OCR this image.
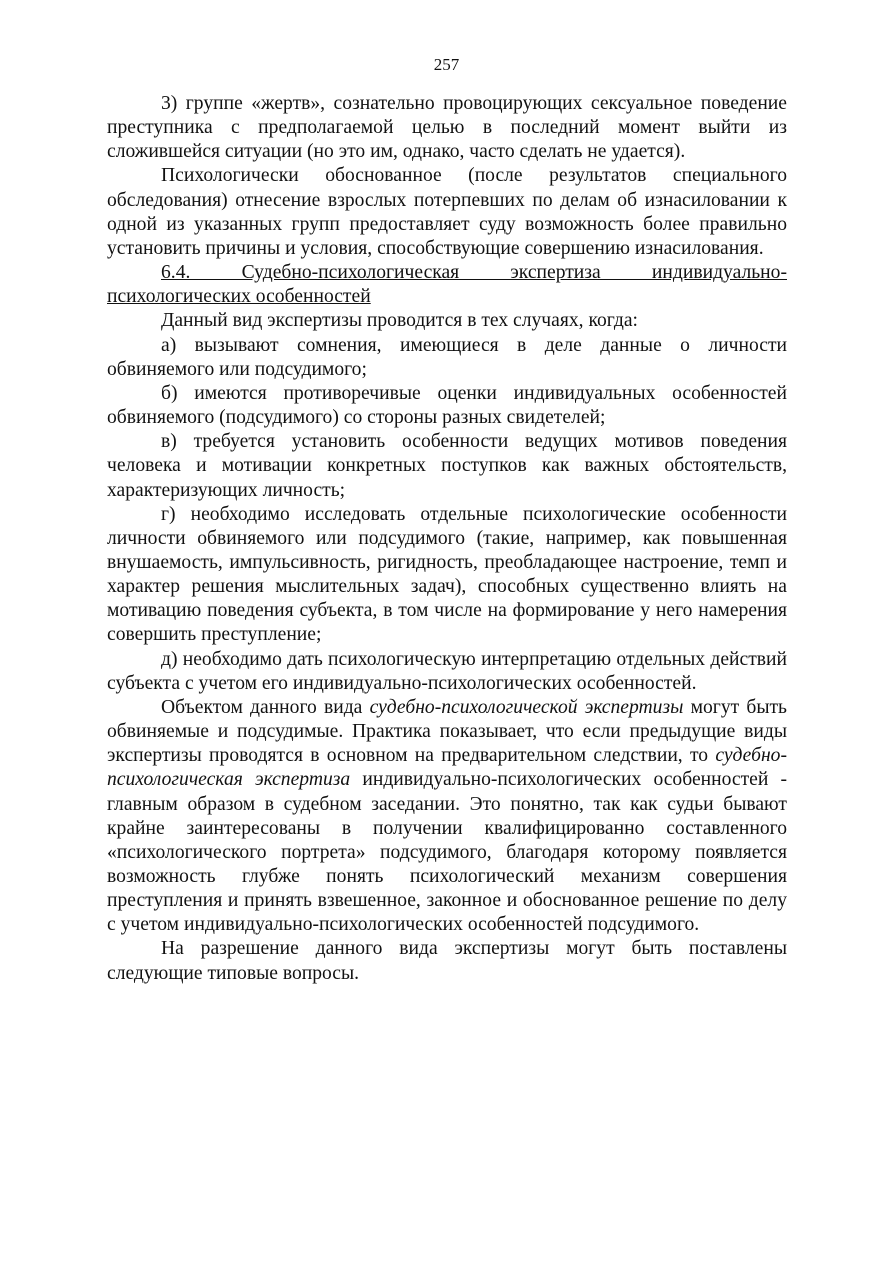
257

3) группе «жертв», сознательно провоцирующих сексуальное поведение преступника с предполагаемой целью в последний момент выйти из сложившейся ситуации (но это им, однако, часто сделать не удается).

Психологически обоснованное (после результатов специального обследования) отнесение взрослых потерпевших по делам об изнасиловании к одной из указанных групп предоставляет суду возможность более правильно установить причины и условия, способствующие совершению изнасилования.

6.4. Судебно-психологическая экспертиза индивидуально-

психологических особенностей

Данный вид экспертизы проводится в тех случаях, когда:

а) вызывают сомнения, имеющиеся в деле данные о личности обвиняемого или подсудимого;

б) имеются противоречивые оценки индивидуальных особенностей обвиняемого (подсудимого) со стороны разных свидетелей;

в) требуется установить особенности ведущих мотивов поведения человека и мотивации конкретных поступков как важных обстоятельств, характеризующих личность;

г) необходимо исследовать отдельные психологические особенности личности обвиняемого или подсудимого (такие, например, как повышенная внушаемость, импульсивность, ригидность, преобладающее настроение, темп и характер решения мыслительных задач), способных существенно влиять на мотивацию поведения субъекта, в том числе на формирование у него намерения совершить преступление;

д) необходимо дать психологическую интерпретацию отдельных действий субъекта с учетом его индивидуально-психологических особенностей.

Объектом данного вида судебно-психологической экспертизы могут быть обвиняемые и подсудимые. Практика показывает, что если предыдущие виды экспертизы проводятся в основном на предварительном следствии, то судебно-психологическая экспертиза индивидуально-психологических особенностей - главным образом в судебном заседании. Это понятно, так как судьи бывают крайне заинтересованы в получении квалифицированно составленного «психологического портрета» подсудимого, благодаря которому появляется возможность глубже понять психологический механизм совершения преступления и принять взвешенное, законное и обоснованное решение по делу с учетом индивидуально-психологических особенностей подсудимого.

На разрешение данного вида экспертизы могут быть поставлены следующие типовые вопросы.
